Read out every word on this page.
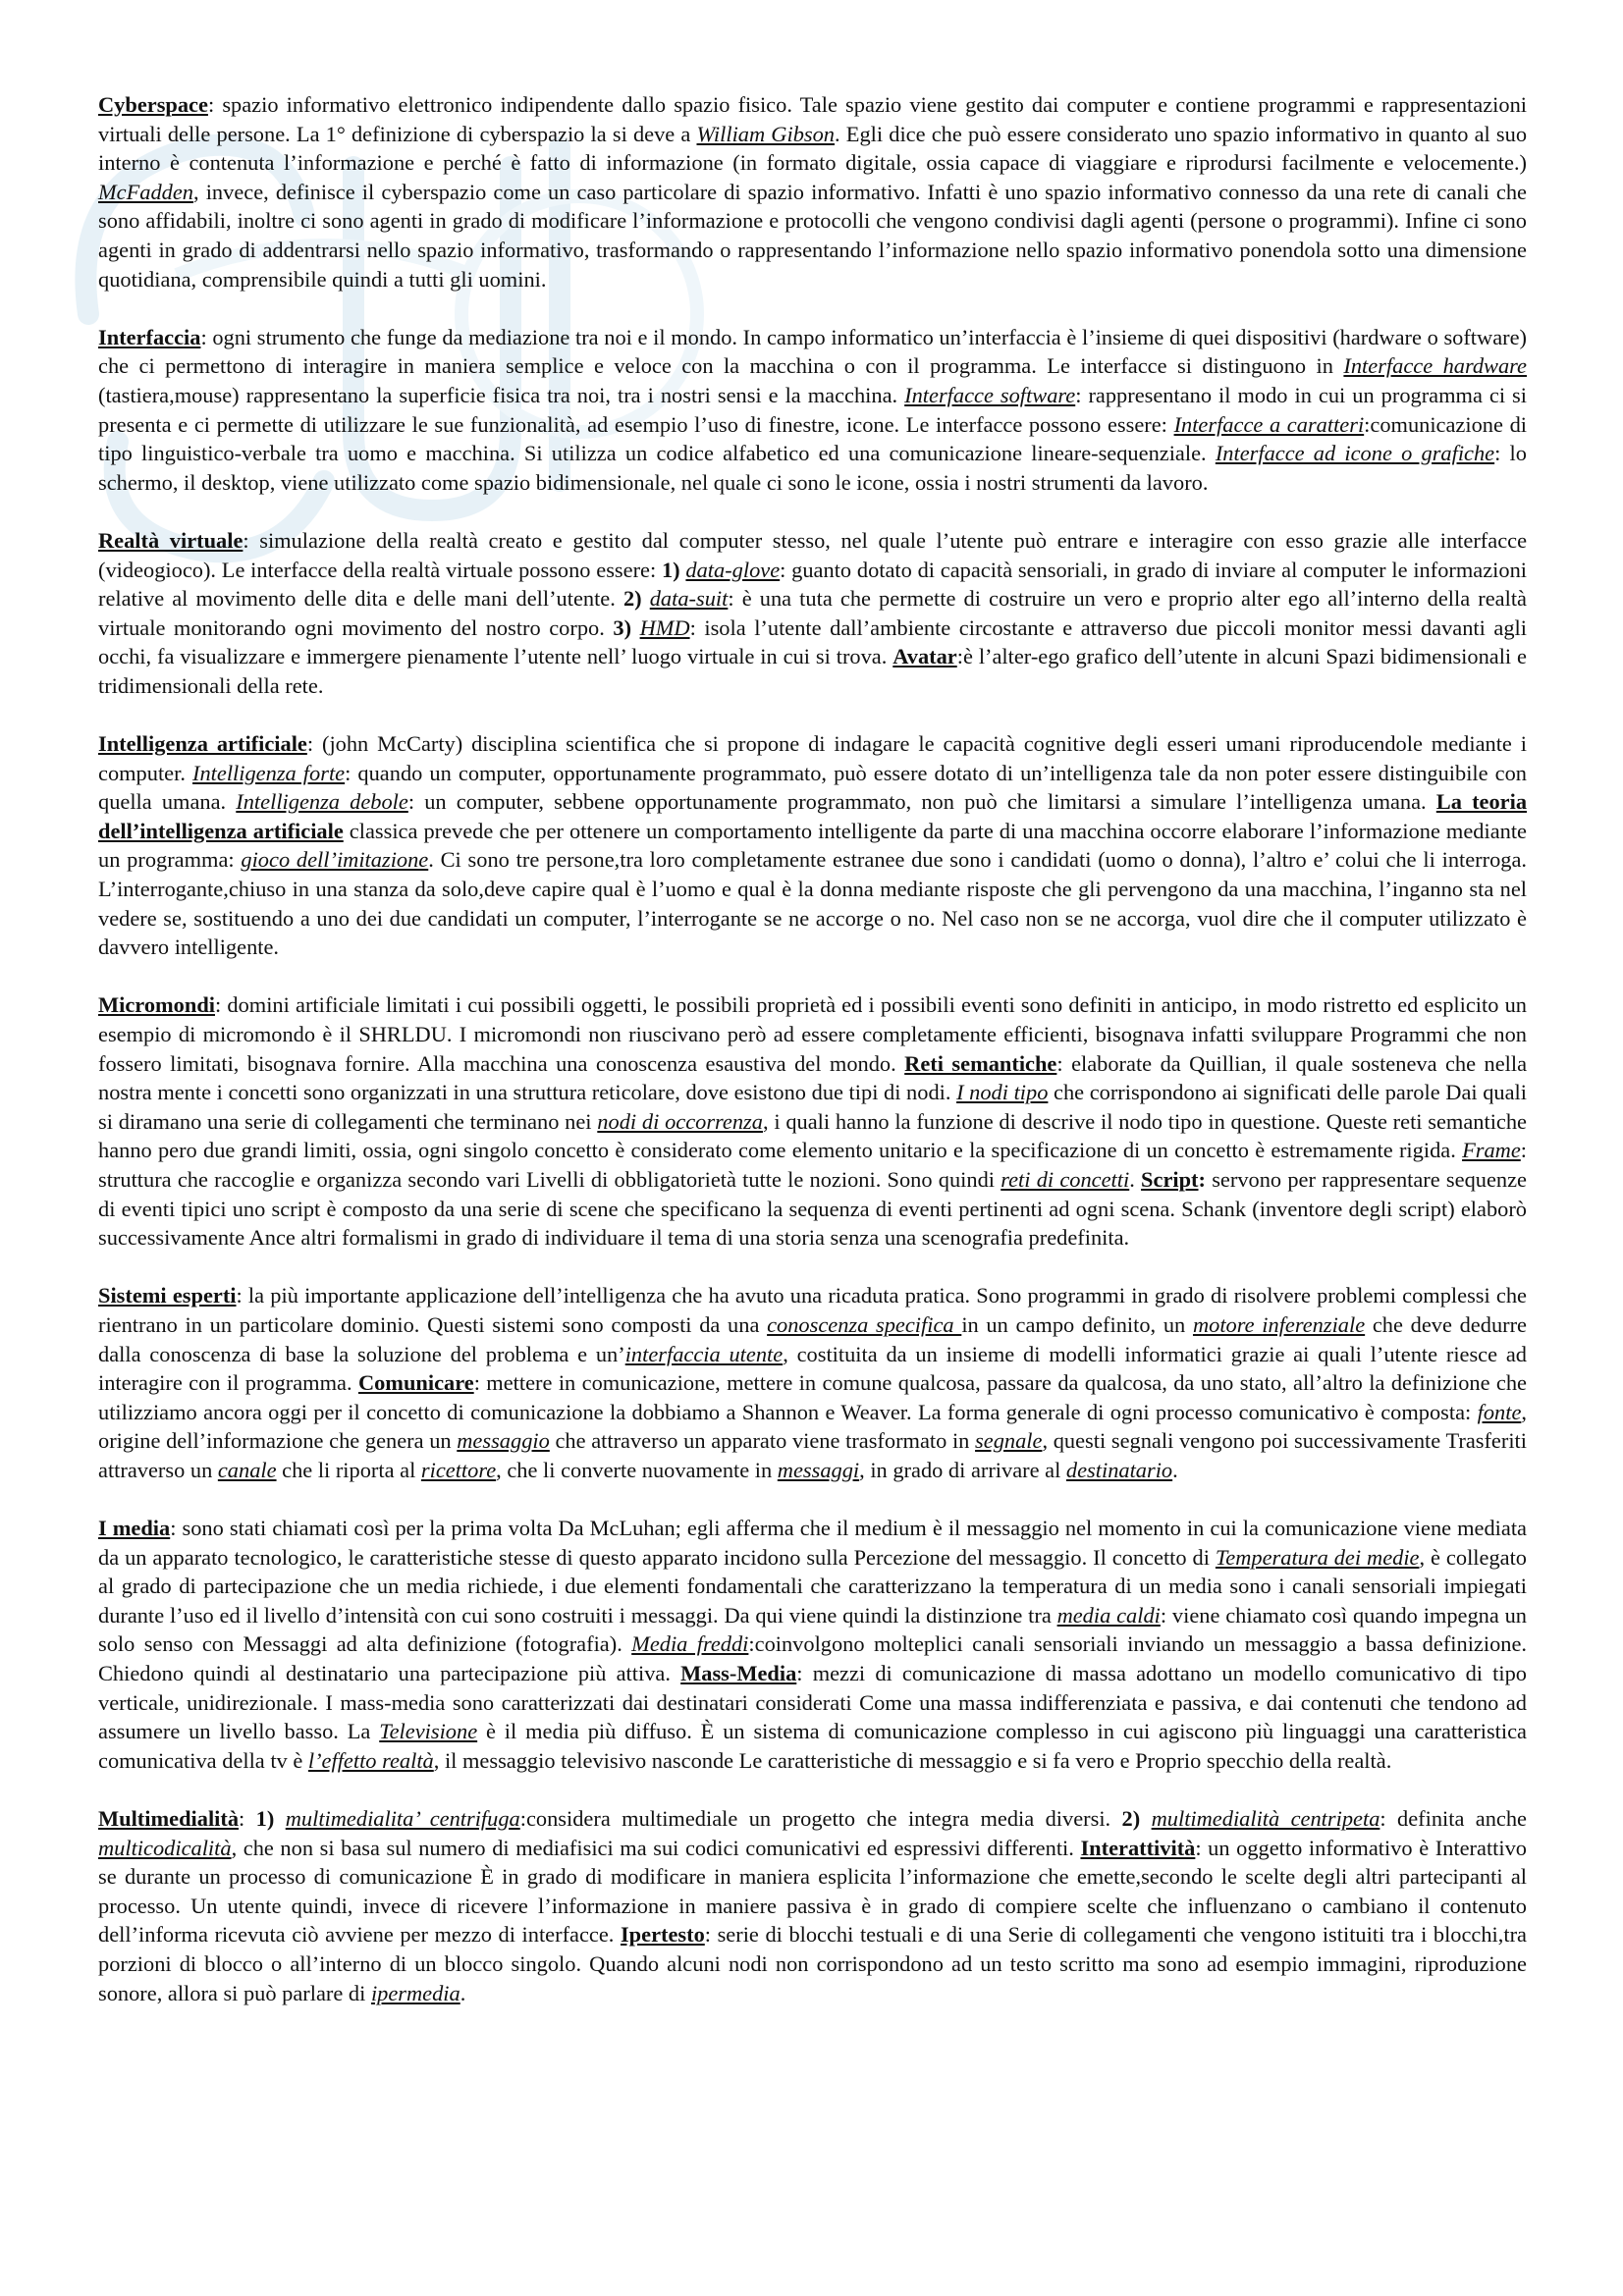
Cyberspace: spazio informativo elettronico indipendente dallo spazio fisico. Tale spazio viene gestito dai computer e contiene programmi e rappresentazioni virtuali delle persone. La 1° definizione di cyberspazio la si deve a William Gibson. Egli dice che può essere considerato uno spazio informativo in quanto al suo interno è contenuta l’informazione e perché è fatto di informazione (in formato digitale, ossia capace di viaggiare e riprodursi facilmente e velocemente.) McFadden, invece, definisce il cyberspazio come un caso particolare di spazio informativo. Infatti è uno spazio informativo connesso da una rete di canali che sono affidabili, inoltre ci sono agenti in grado di modificare l’informazione e protocolli che vengono condivisi dagli agenti (persone o programmi). Infine ci sono agenti in grado di addentrarsi nello spazio informativo, trasformando o rappresentando l’informazione nello spazio informativo ponendola sotto una dimensione quotidiana, comprensibile quindi a tutti gli uomini.

Interfaccia: ogni strumento che funge da mediazione tra noi e il mondo. In campo informatico un’interfaccia è l’insieme di quei dispositivi (hardware o software) che ci permettono di interagire in maniera semplice e veloce con la macchina o con il programma. Le interfacce si distinguono in Interfacce hardware (tastiera,mouse) rappresentano la superficie fisica tra noi, tra i nostri sensi e la macchina. Interfacce software: rappresentano il modo in cui un programma ci si presenta e ci permette di utilizzare le sue funzionalità, ad esempio l’uso di finestre, icone. Le interfacce possono essere: Interfacce a caratteri:comunicazione di tipo linguistico-verbale tra uomo e macchina. Si utilizza un codice alfabetico ed una comunicazione lineare-sequenziale. Interfacce ad icone o grafiche: lo schermo, il desktop, viene utilizzato come spazio bidimensionale, nel quale ci sono le icone, ossia i nostri strumenti da lavoro.

Realtà virtuale: simulazione della realtà creato e gestito dal computer stesso, nel quale l’utente può entrare e interagire con esso grazie alle interfacce (videogioco). Le interfacce della realtà virtuale possono essere: 1) data-glove: guanto dotato di capacità sensoriali, in grado di inviare al computer le informazioni relative al movimento delle dita e delle mani dell’utente. 2) data-suit: è una tuta che permette di costruire un vero e proprio alter ego all’interno della realtà virtuale monitorando ogni movimento del nostro corpo. 3) HMD: isola l’utente dall’ambiente circostante e attraverso due piccoli monitor messi davanti agli occhi, fa visualizzare e immergere pienamente l’utente nell’ luogo virtuale in cui si trova. Avatar:è l’alter-ego grafico dell’utente in alcuni Spazi bidimensionali e tridimensionali della rete.

Intelligenza artificiale: (john McCarty) disciplina scientifica che si propone di indagare le capacità cognitive degli esseri umani riproducendole mediante i computer. Intelligenza forte: quando un computer, opportunamente programmato, può essere dotato di un’intelligenza tale da non poter essere distinguibile con quella umana. Intelligenza debole: un computer, sebbene opportunamente programmato, non può che limitarsi a simulare l’intelligenza umana. La teoria dell’intelligenza artificiale classica prevede che per ottenere un comportamento intelligente da parte di una macchina occorre elaborare l’informazione mediante un programma: gioco dell’imitazione. Ci sono tre persone,tra loro completamente estranee due sono i candidati (uomo o donna), l’altro e’ colui che li interroga. L’interrogante,chiuso in una stanza da solo,deve capire qual è l’uomo e qual è la donna mediante risposte che gli pervengono da una macchina, l’inganno sta nel vedere se, sostituendo a uno dei due candidati un computer, l’interrogante se ne accorge o no. Nel caso non se ne accorga, vuol dire che il computer utilizzato è davvero intelligente.

Micromondi: domini artificiale limitati i cui possibili oggetti, le possibili proprietà ed i possibili eventi sono definiti in anticipo, in modo ristretto ed esplicito un esempio di micromondo è il SHRLDU. I micromondi non riuscivano però ad essere completamente efficienti, bisognava infatti sviluppare Programmi che non fossero limitati, bisognava fornire. Alla macchina una conoscenza esaustiva del mondo. Reti semantiche: elaborate da Quillian, il quale sosteneva che nella nostra mente i concetti sono organizzati in una struttura reticolare, dove esistono due tipi di nodi. I nodi tipo che corrispondono ai significati delle parole Dai quali si diramano una serie di collegamenti che terminano nei nodi di occorrenza, i quali hanno la funzione di descrive il nodo tipo in questione. Queste reti semantiche hanno pero due grandi limiti, ossia, ogni singolo concetto è considerato come elemento unitario e la specificazione di un concetto è estremamente rigida. Frame: struttura che raccoglie e organizza secondo vari Livelli di obbligatorietà tutte le nozioni. Sono quindi reti di concetti. Script: servono per rappresentare sequenze di eventi tipici uno script è composto da una serie di scene che specificano la sequenza di eventi pertinenti ad ogni scena. Schank (inventore degli script) elaborò successivamente Ance altri formalismi in grado di individuare il tema di una storia senza una scenografia predefinita.

Sistemi esperti: la più importante applicazione dell’intelligenza che ha avuto una ricaduta pratica. Sono programmi in grado di risolvere problemi complessi che rientrano in un particolare dominio. Questi sistemi sono composti da una conoscenza specifica in un campo definito, un motore inferenziale che deve dedurre dalla conoscenza di base la soluzione del problema e un’interfaccia utente, costituita da un insieme di modelli informatici grazie ai quali l’utente riesce ad interagire con il programma. Comunicare: mettere in comunicazione, mettere in comune qualcosa, passare da qualcosa, da uno stato, all’altro la definizione che utilizziamo ancora oggi per il concetto di comunicazione la dobbiamo a Shannon e Weaver. La forma generale di ogni processo comunicativo è composta: fonte, origine dell’informazione che genera un messaggio che attraverso un apparato viene trasformato in segnale, questi segnali vengono poi successivamente Trasferiti attraverso un canale che li riporta al ricettore, che li converte nuovamente in messaggi, in grado di arrivare al destinatario.

I media: sono stati chiamati così per la prima volta Da McLuhan; egli afferma che il medium è il messaggio nel momento in cui la comunicazione viene mediata da un apparato tecnologico, le caratteristiche stesse di questo apparato incidono sulla Percezione del messaggio. Il concetto di Temperatura dei medie, è collegato al grado di partecipazione che un media richiede, i due elementi fondamentali che caratterizzano la temperatura di un media sono i canali sensoriali impiegati durante l’uso ed il livello d’intensità con cui sono costruiti i messaggi. Da qui viene quindi la distinzione tra media caldi: viene chiamato così quando impegna un solo senso con Messaggi ad alta definizione (fotografia). Media freddi:coinvolgono molteplici canali sensoriali inviando un messaggio a bassa definizione. Chiedono quindi al destinatario una partecipazione più attiva. Mass-Media: mezzi di comunicazione di massa adottano un modello comunicativo di tipo verticale, unidirezionale. I mass-media sono caratterizzati dai destinatari considerati Come una massa indifferenziata e passiva, e dai contenuti che tendono ad assumere un livello basso. La Televisione è il media più diffuso. È un sistema di comunicazione complesso in cui agiscono più linguaggi una caratteristica comunicativa della tv è l’effetto realtà, il messaggio televisivo nasconde Le caratteristiche di messaggio e si fa vero e Proprio specchio della realtà.

Multimedialità: 1) multimedialita’ centrifuga:considera multimediale un progetto che integra media diversi. 2) multimedialità centripeta: definita anche multicodicalità, che non si basa sul numero di mediafisici ma sui codici comunicativi ed espressivi differenti. Interattività: un oggetto informativo è Interattivo se durante un processo di comunicazione È in grado di modificare in maniera esplicita l’informazione che emette,secondo le scelte degli altri partecipanti al processo. Un utente quindi, invece di ricevere l’informazione in maniere passiva è in grado di compiere scelte che influenzano o cambiano il contenuto dell’informa ricevuta ciò avviene per mezzo di interfacce. Ipertesto: serie di blocchi testuali e di una Serie di collegamenti che vengono istituiti tra i blocchi,tra porzioni di blocco o all’interno di un blocco singolo. Quando alcuni nodi non corrispondono ad un testo scritto ma sono ad esempio immagini, riproduzione sonore, allora si può parlare di ipermedia.
